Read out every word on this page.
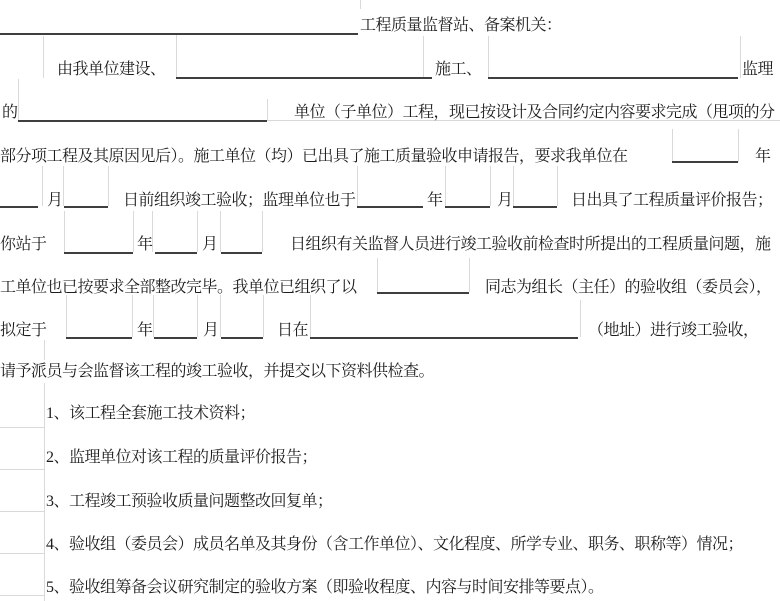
工程质量监督站、备案机关：
由我单位建设、	施工、	监理
的	单位（子单位）工程，现已按设计及合同约定内容要求完成（甩项的分
部分项工程及其原因见后）。施工单位（均）已出具了施工质量验收申请报告，要求我单位在	年
月	日前组织竣工验收；监理单位也于	年	月	日出具了工程质量评价报告；
你站于	年	月	日组织有关监督人员进行竣工验收前检查时所提出的工程质量问题，施
工单位也已按要求全部整改完毕。我单位已组织了以	同志为组长（主任）的验收组（委员会），
拟定于	年	月	日在	（地址）进行竣工验收，
请予派员与会监督该工程的竣工验收，并提交以下资料供检查。
1、该工程全套施工技术资料；
2、监理单位对该工程的质量评价报告；
3、工程竣工预验收质量问题整改回复单；
4、验收组（委员会）成员名单及其身份（含工作单位）、文化程度、所学专业、职务、职称等）情况；
5、验收组筹备会议研究制定的验收方案（即验收程度、内容与时间安排等要点）。
